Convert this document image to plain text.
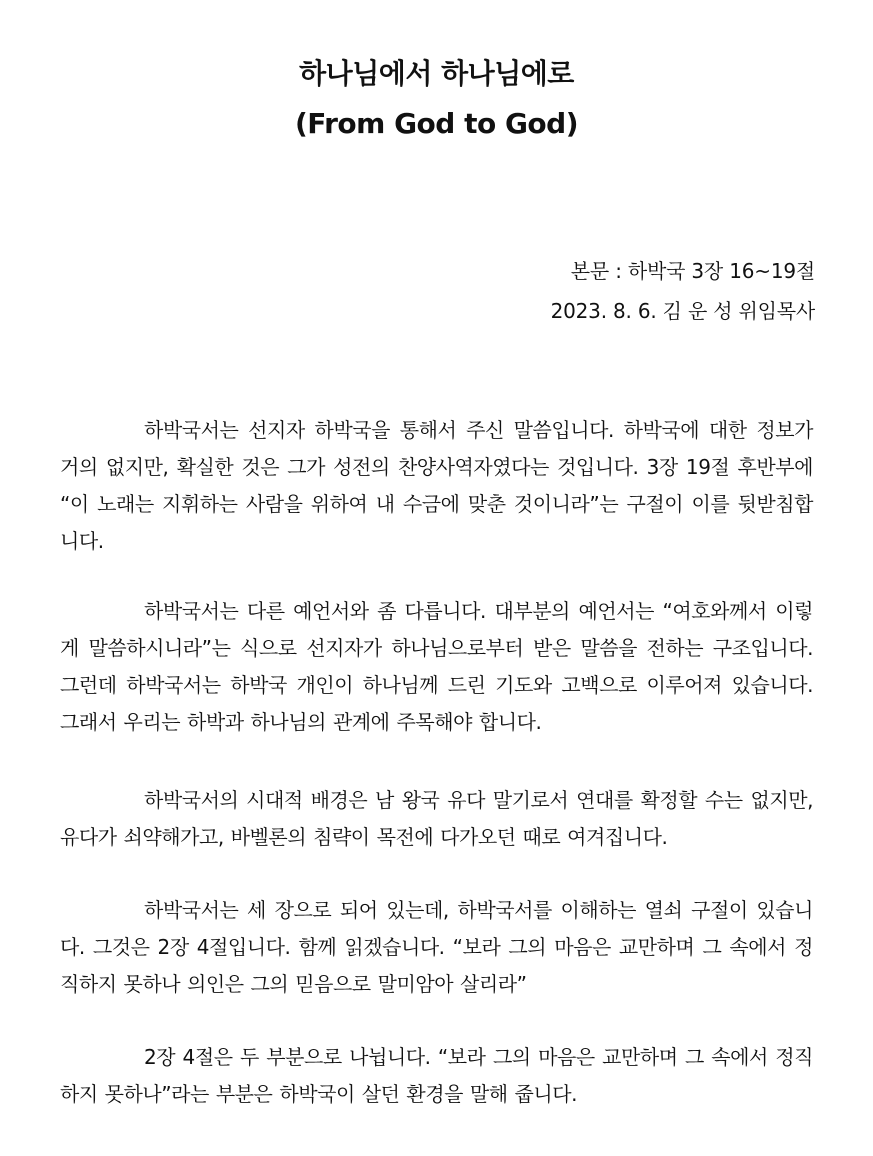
하나님에서 하나님에로
(From God to God)
본문 : 하박국 3장 16~19절
2023. 8. 6. 김 운 성 위임목사

하박국서는 선지자 하박국을 통해서 주신 말씀입니다. 하박국에 대한 정보가 거의 없지만, 확실한 것은 그가 성전의 찬양사역자였다는 것입니다. 3장 19절 후반부에 “이 노래는 지휘하는 사람을 위하여 내 수금에 맞춘 것이니라”는 구절이 이를 뒷받침합니다.

하박국서는 다른 예언서와 좀 다릅니다. 대부분의 예언서는 “여호와께서 이렇게 말씀하시니라”는 식으로 선지자가 하나님으로부터 받은 말씀을 전하는 구조입니다. 그런데 하박국서는 하박국 개인이 하나님께 드린 기도와 고백으로 이루어져 있습니다. 그래서 우리는 하박과 하나님의 관계에 주목해야 합니다.

하박국서의 시대적 배경은 남 왕국 유다 말기로서 연대를 확정할 수는 없지만, 유다가 쇠약해가고, 바벨론의 침략이 목전에 다가오던 때로 여겨집니다.

하박국서는 세 장으로 되어 있는데, 하박국서를 이해하는 열쇠 구절이 있습니다. 그것은 2장 4절입니다. 함께 읽겠습니다. “보라 그의 마음은 교만하며 그 속에서 정직하지 못하나 의인은 그의 믿음으로 말미암아 살리라”

2장 4절은 두 부분으로 나뉩니다. “보라 그의 마음은 교만하며 그 속에서 정직하지 못하나”라는 부분은 하박국이 살던 환경을 말해 줍니다.
